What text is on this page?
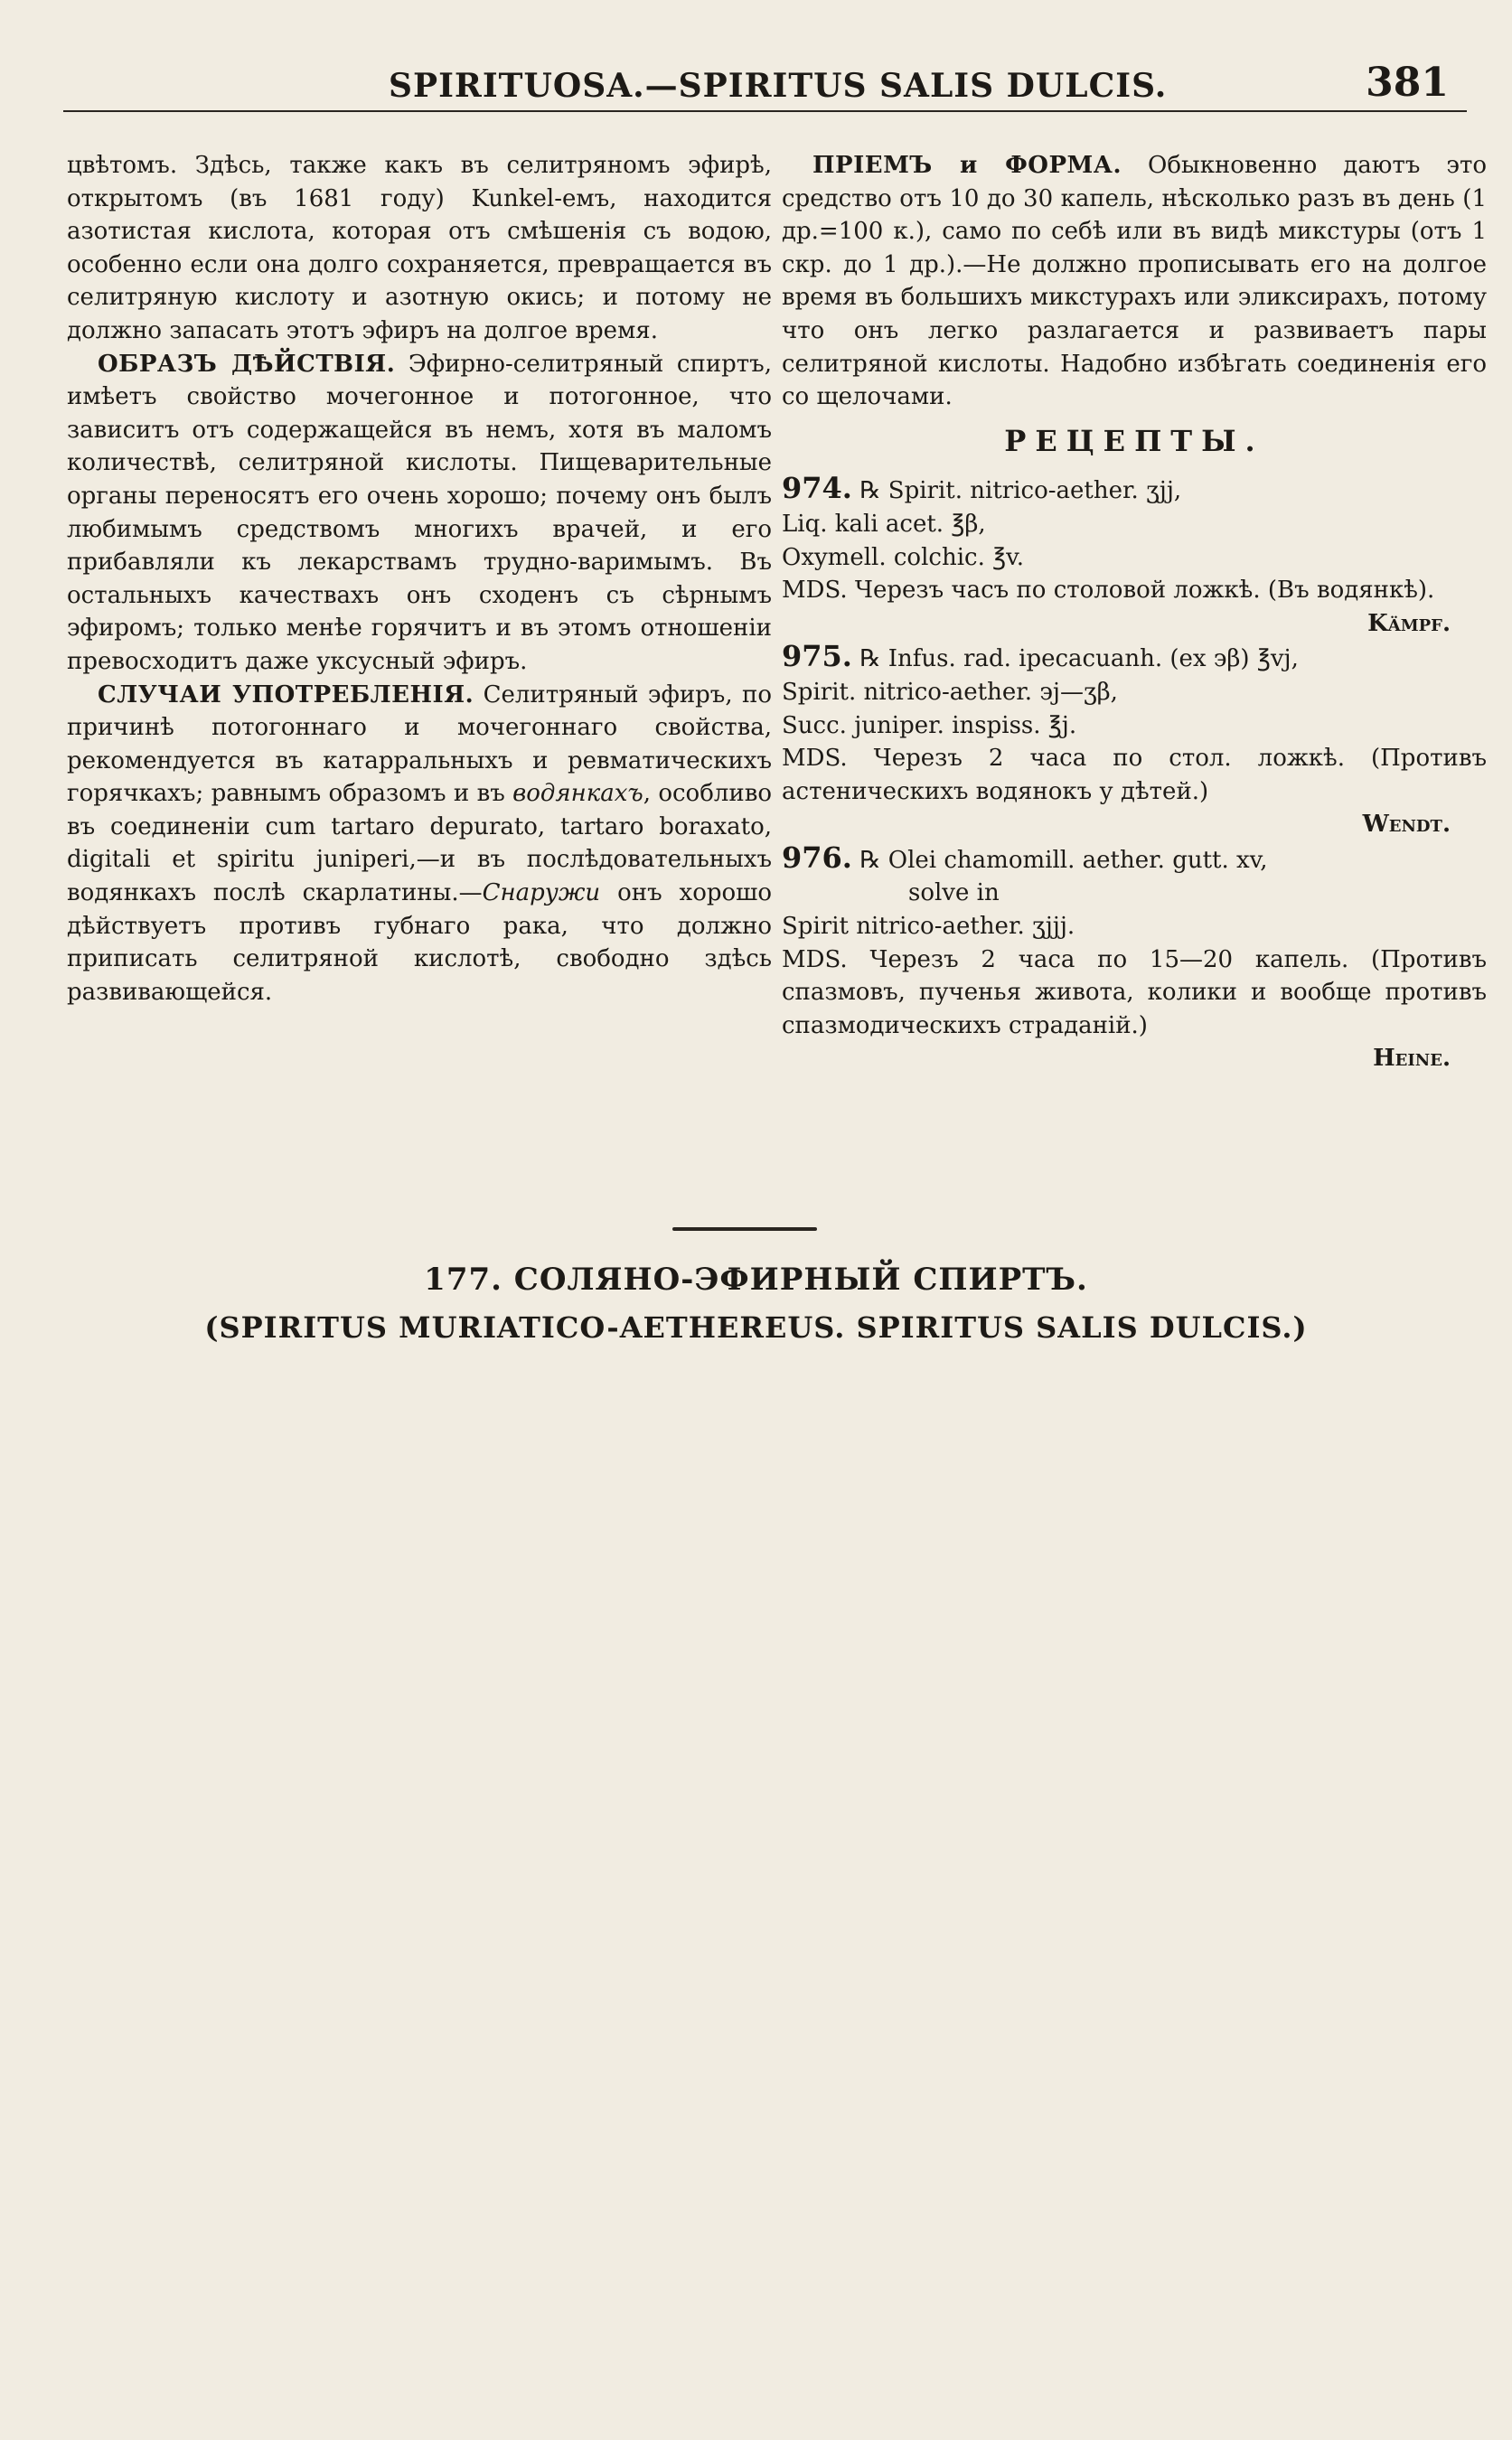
SPIRITUOSA.—SPIRITUS SALIS DULCIS.	381

цвѣтомъ. Здѣсь, также какъ въ селитряномъ эфирѣ, открытомъ (въ 1681 году) Kunkel-емъ, находится азотистая кислота, которая отъ смѣшенія съ водою, особенно если она долго сохраняется, превращается въ селитряную кислоту и азотную окись; и потому не должно запасать этотъ эфиръ на долгое время.

ОБРАЗЪ ДѢЙСТВІЯ. Эфирно-селитряный спиртъ, имѣетъ свойство мочегонное и потогонное, что зависитъ отъ содержащейся въ немъ, хотя въ маломъ количествѣ, селитряной кислоты. Пищеварительные органы переносятъ его очень хорошо; почему онъ былъ любимымъ средствомъ многихъ врачей, и его прибавляли къ лекарствамъ трудно-варимымъ. Въ остальныхъ качествахъ онъ сходенъ съ сѣрнымъ эфиромъ; только менѣе горячитъ и въ этомъ отношеніи превосходитъ даже уксусный эфиръ.

СЛУЧАИ УПОТРЕБЛЕНІЯ. Селитряный эфиръ, по причинѣ потогоннаго и мочегоннаго свойства, рекомендуется въ катарральныхъ и ревматическихъ горячкахъ; равнымъ образомъ и въ водянкахъ, особливо въ соединеніи cum tartaro depurato, tartaro boraxato, digitali et spiritu juniperi,—и въ послѣдовательныхъ водянкахъ послѣ скарлатины.—Снаружи онъ хорошо дѣйствуетъ противъ губнаго рака, что должно приписать селитряной кислотѣ, свободно здѣсь развивающейся.

ПРІЕМЪ и ФОРМА. Обыкновенно даютъ это средство отъ 10 до 30 капель, нѣсколько разъ въ день (1 др.=100 к.), само по себѣ или въ видѣ микстуры (отъ 1 скр. до 1 др.).—Не должно прописывать его на долгое время въ большихъ микстурахъ или эликсирахъ, потому что онъ легко разлагается и развиваетъ пары селитряной кислоты. Надобно избѣгать соединенія его со щелочами.

РЕЦЕПТЫ.
974. ℞ Spirit. nitrico-aether. ʒjj,
Liq. kali acet. ℥β,
Oxymell. colchic. ℥v.
MDS. Черезъ часъ по столовой ложкѣ. (Въ водянкѣ).
Kämpf.
975. ℞ Infus. rad. ipecacuanh. (ex ϶β) ℥vj,
Spirit. nitrico-aether. ϶j—ʒβ,
Succ. juniper. inspiss. ℥j.
MDS. Черезъ 2 часа по стол. ложкѣ. (Противъ астеническихъ водянокъ у дѣтей.)
Wendt.
976. ℞ Olei chamomill. aether. gutt. xv,
solve in
Spirit nitrico-aether. ʒjjj.
MDS. Черезъ 2 часа по 15—20 капель. (Противъ спазмовъ, пученья живота, колики и вообще противъ спазмодическихъ страданій.)
Heine.
177. СОЛЯНО-ЭФИРНЫЙ СПИРТЪ.
(SPIRITUS MURIATICO-AETHEREUS. SPIRITUS SALIS DULCIS.)
